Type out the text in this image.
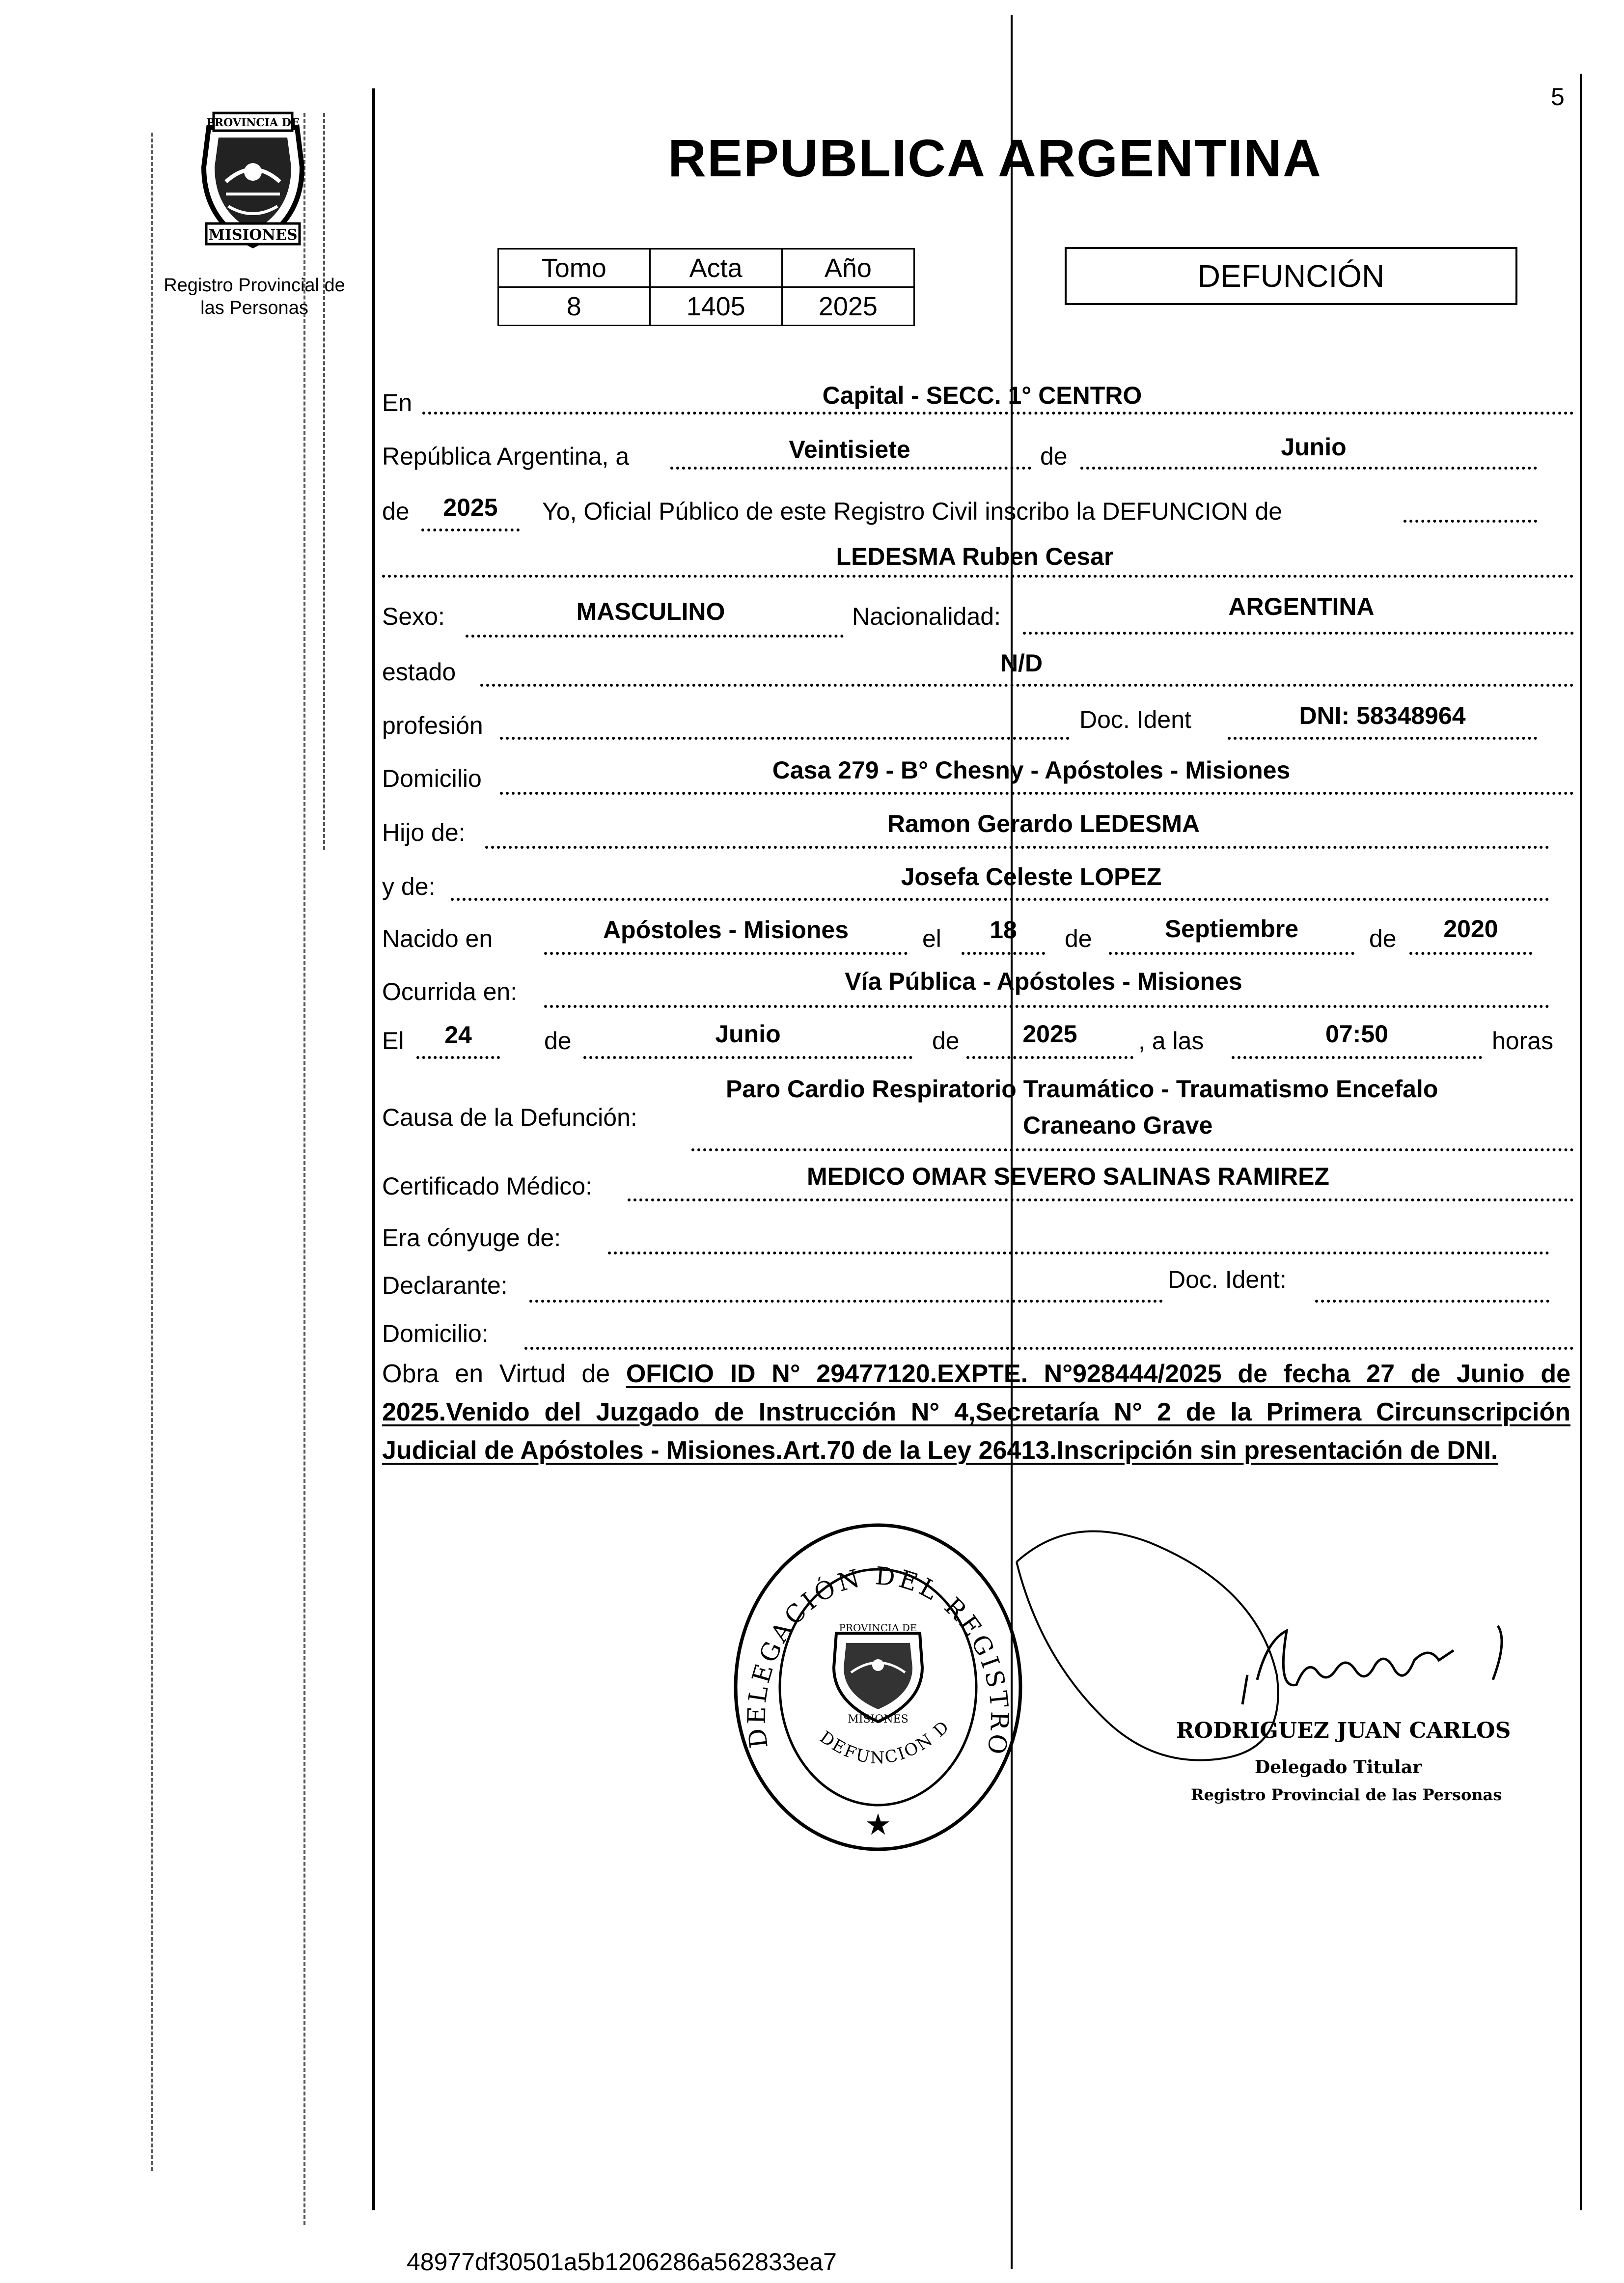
5
MISIONES
PROVINCIA DE
Registro Provincial de
las Personas
REPUBLICA ARGENTINA
Tomo	Acta	Año
8	1405	2025
DEFUNCIÓN
En	Capital - SECC. 1° CENTRO
República Argentina, a	Veintisiete	de	Junio
de	2025	Yo, Oficial Público de este Registro Civil inscribo la DEFUNCION de
LEDESMA Ruben Cesar
Sexo:	MASCULINO	Nacionalidad:	ARGENTINA
estado	N/D
profesión	Doc. Ident	DNI: 58348964
Domicilio	Casa 279 - B° Chesny - Apóstoles - Misiones
Hijo de:	Ramon Gerardo LEDESMA
y de:	Josefa Celeste LOPEZ
Nacido en	Apóstoles - Misiones	el	18	de	Septiembre	de	2020
Ocurrida en:	Vía Pública - Apóstoles - Misiones
El	24	de	Junio	de	2025	, a las	07:50	horas
Causa de la Defunción:
Paro Cardio Respiratorio Traumático - Traumatismo Encefalo
Craneano Grave
Certificado Médico:	MEDICO OMAR SEVERO SALINAS RAMIREZ
Era cónyuge de:
Declarante:	Doc. Ident:
Domicilio:
Obra en Virtud de OFICIO ID N° 29477120.EXPTE. N°928444/2025 de fecha 27 de Junio de 2025.Venido del Juzgado de Instrucción N° 4,Secretaría N° 2 de la Primera Circunscripción Judicial de Apóstoles - Misiones.Art.70 de la Ley 26413.Inscripción sin presentación de DNI.
DELEGACIÓN DEL REGISTRO
DEFUNCION D
PROVINCIA DE
MISIONES
★
RODRIGUEZ JUAN CARLOS
Delegado Titular
Registro Provincial de las Personas
48977df30501a5b1206286a562833ea7
